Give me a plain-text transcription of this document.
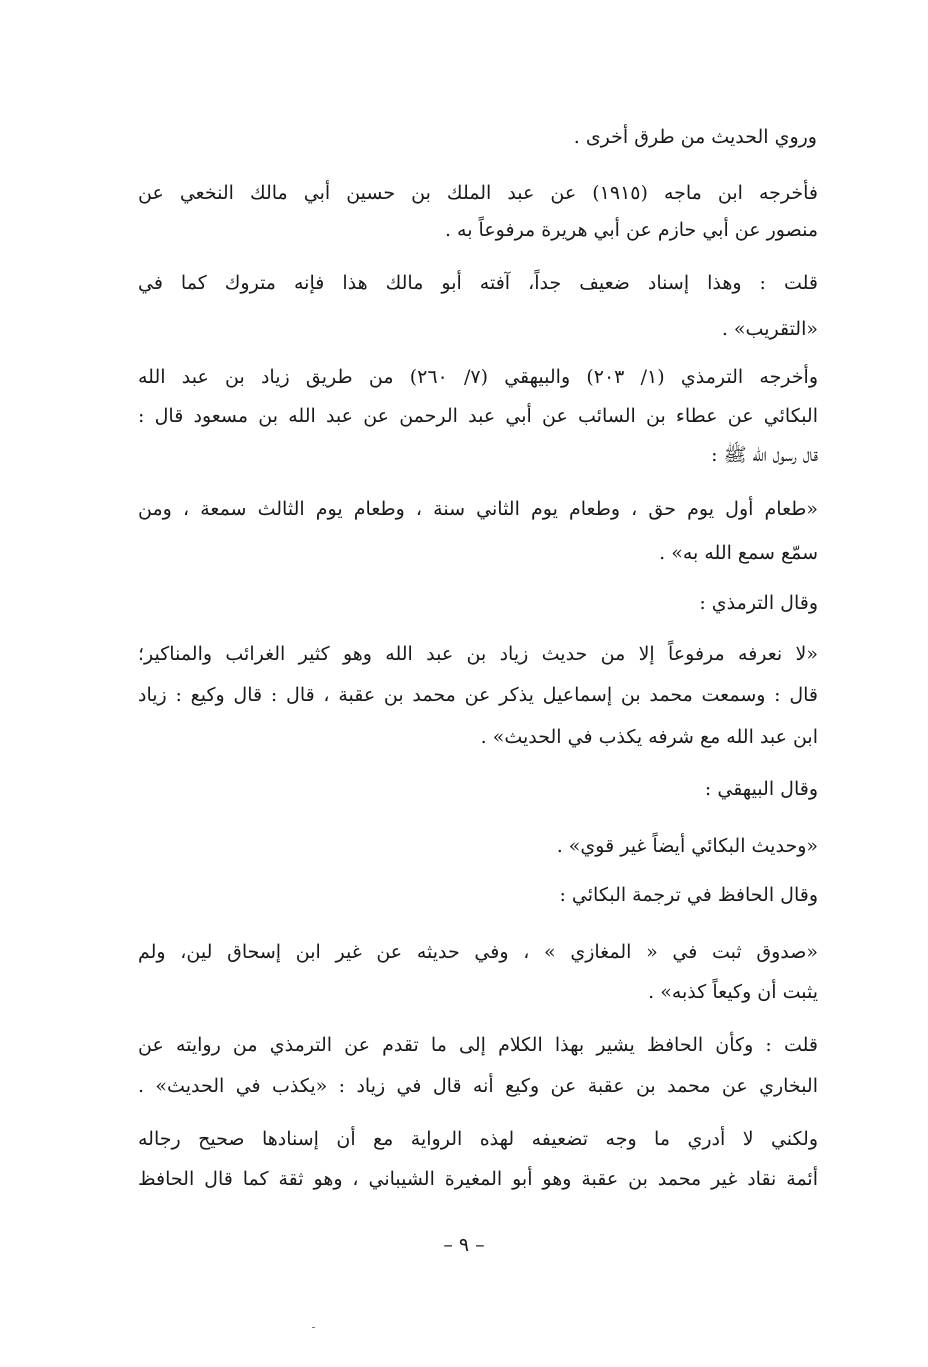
وروي الحديث من طرق أخرى .
فأخرجه ابن ماجه (١٩١٥) عن عبد الملك بن حسين أبي مالك النخعي عن
منصور عن أبي حازم عن أبي هريرة مرفوعاً به .
قلت : وهذا إسناد ضعيف جداً، آفته أبو مالك هذا فإنه متروك كما في
«التقريب» .
وأخرجه الترمذي (١/ ٢٠٣) والبيهقي (٧/ ٢٦٠) من طريق زياد بن عبد الله
البكائي عن عطاء بن السائب عن أبي عبد الرحمن عن عبد الله بن مسعود قال :
قال رسول الله ﷺ :
«طعام أول يوم حق ، وطعام يوم الثاني سنة ، وطعام يوم الثالث سمعة ، ومن
سمّع سمع الله به» .
وقال الترمذي :
«لا نعرفه مرفوعاً إلا من حديث زياد بن عبد الله وهو كثير الغرائب والمناكير؛
قال : وسمعت محمد بن إسماعيل يذكر عن محمد بن عقبة ، قال : قال وكيع : زياد
ابن عبد الله مع شرفه يكذب في الحديث» .
وقال البيهقي :
«وحديث البكائي أيضاً غير قوي» .
وقال الحافظ في ترجمة البكائي :
«صدوق ثبت في « المغازي » ، وفي حديثه عن غير ابن إسحاق لين، ولم
يثبت أن وكيعاً كذبه» .
قلت : وكأن الحافظ يشير بهذا الكلام إلى ما تقدم عن الترمذي من روايته عن
البخاري عن محمد بن عقبة عن وكيع أنه قال في زياد : «يكذب في الحديث» .
ولكني لا أدري ما وجه تضعيفه لهذه الرواية مع أن إسنادها صحيح رجاله
أئمة نقاد غير محمد بن عقبة وهو أبو المغيرة الشيباني ، وهو ثقة كما قال الحافظ
– ٩ –
